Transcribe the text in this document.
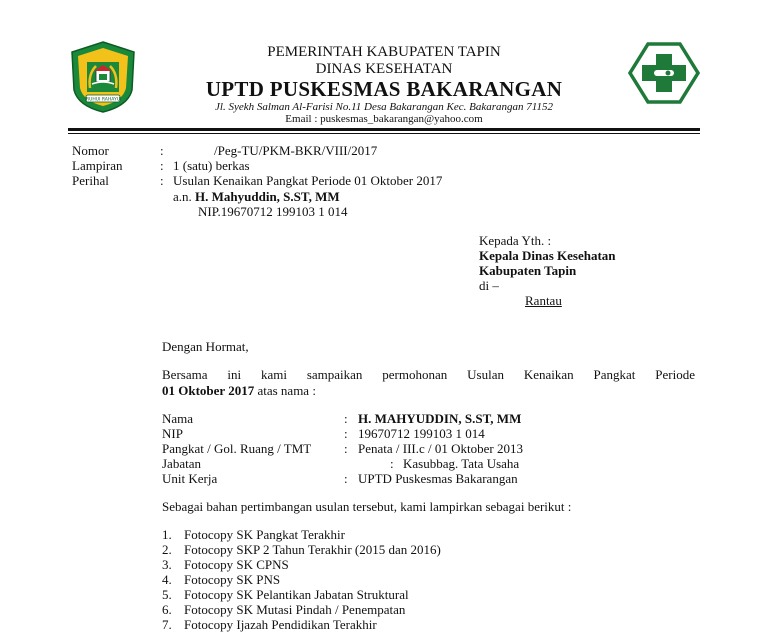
RUHUI RAHAYU
PEMERINTAH KABUPATEN TAPIN
DINAS KESEHATAN
UPTD PUSKESMAS BAKARANGAN
Jl. Syekh Salman Al-Farisi No.11 Desa Bakarangan Kec. Bakarangan 71152
Email : puskesmas_bakarangan@yahoo.com
Nomor	:	/Peg-TU/PKM-BKR/VIII/2017
Lampiran	: 1 (satu) berkas
Perihal	: Usulan Kenaikan Pangkat Periode 01 Oktober 2017
a.n. H. Mahyuddin, S.ST, MM
NIP.19670712 199103 1 014
Kepada Yth. :
Kepala Dinas Kesehatan
Kabupaten Tapin
di –
Rantau
Dengan Hormat,
Bersama ini kami sampaikan permohonan Usulan Kenaikan Pangkat Periode
01 Oktober 2017 atas nama :
Nama	: H. MAHYUDDIN, S.ST, MM
NIP	: 19670712 199103 1 014
Pangkat / Gol. Ruang / TMT	: Penata / III.c / 01 Oktober 2013
Jabatan	: Kasubbag. Tata Usaha
Unit Kerja	: UPTD Puskesmas Bakarangan
Sebagai bahan pertimbangan usulan tersebut, kami lampirkan sebagai berikut :
1. Fotocopy SK Pangkat Terakhir
2. Fotocopy SKP 2 Tahun Terakhir (2015 dan 2016)
3. Fotocopy SK CPNS
4. Fotocopy SK PNS
5. Fotocopy SK Pelantikan Jabatan Struktural
6. Fotocopy SK Mutasi Pindah / Penempatan
7. Fotocopy Ijazah Pendidikan Terakhir
